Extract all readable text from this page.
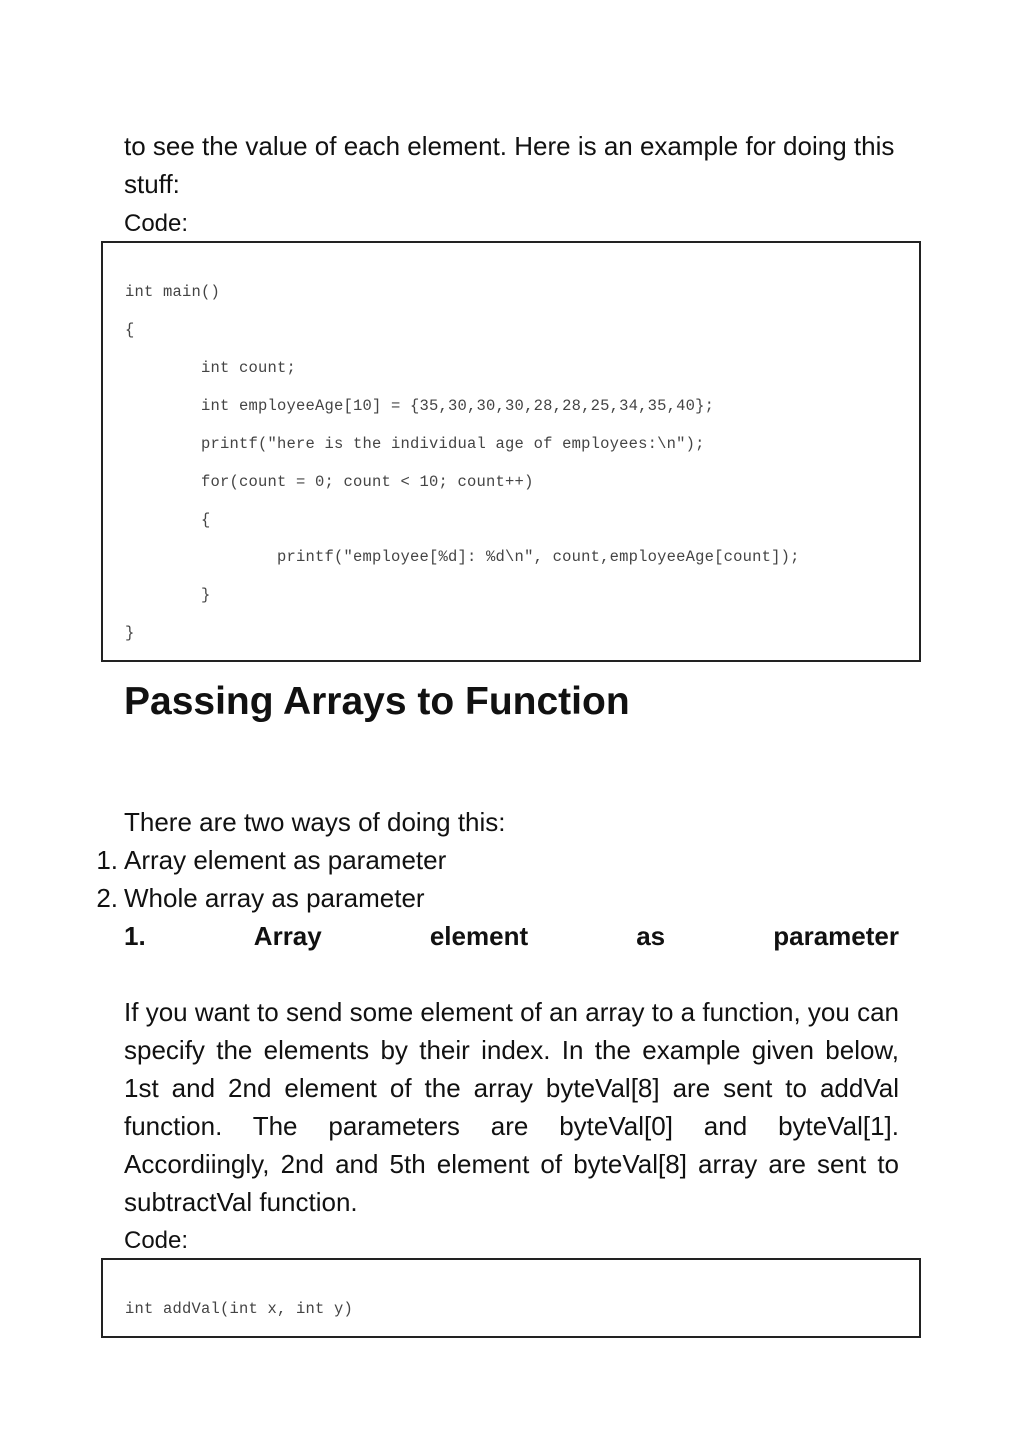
to see the value of each element. Here is an example for doing this stuff:

Code:
int main()
{
int count;
int employeeAge[10] = {35,30,30,30,28,28,25,34,35,40};
printf("here is the individual age of employees:\n");
for(count = 0; count < 10; count++)
{
printf("employee[%d]: %d\n", count,employeeAge[count]);
}
}
Passing Arrays to Function

There are two ways of doing this:

1. Array element as parameter
2. Whole array as parameter
1.	Array	element	as	parameter

If you want to send some element of an array to a function, you can specify the elements by their index. In the example given below, 1st and 2nd element of the array byteVal[8] are sent to addVal function. The parameters are byteVal[0] and byteVal[1]. Accordiingly, 2nd and 5th element of byteVal[8] array are sent to subtractVal function.

Code:
int addVal(int x, int y)
